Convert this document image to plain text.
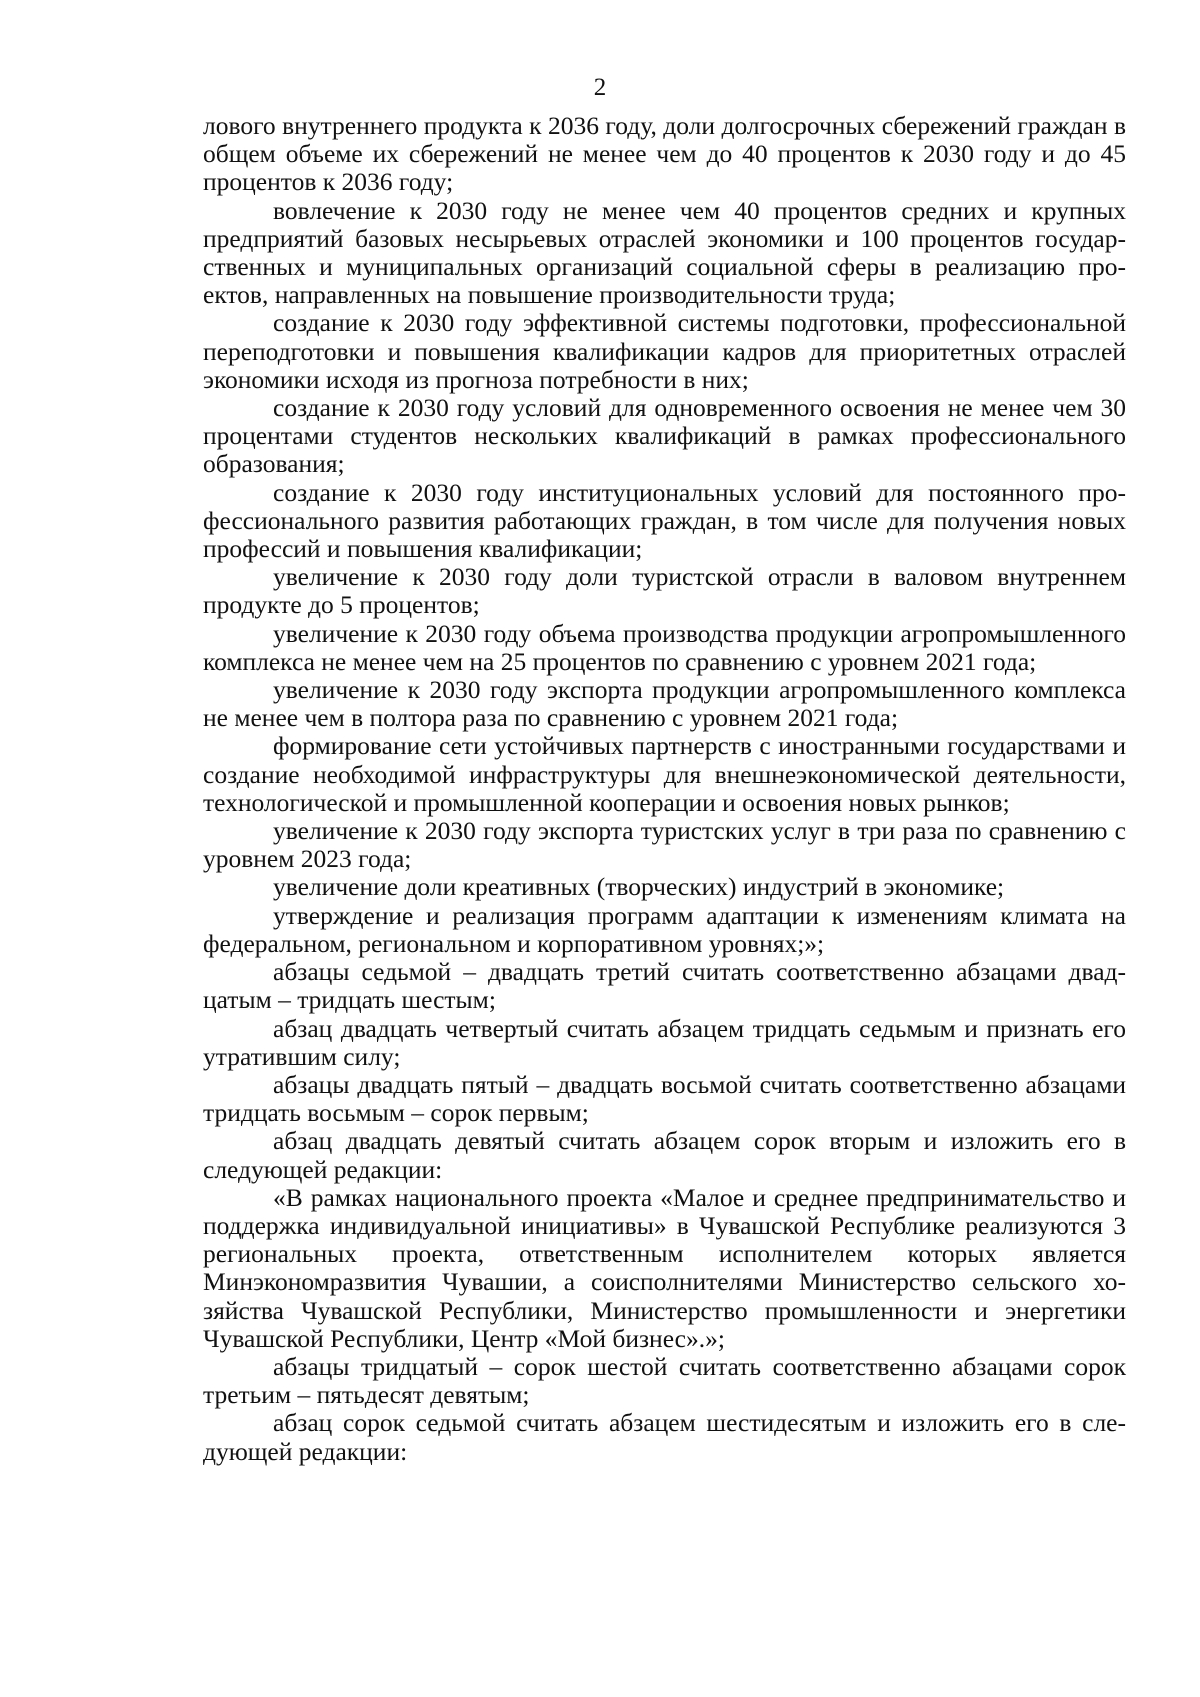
2

лового внутреннего продукта к 2036 году, доли долгосрочных сбережений граждан в общем объеме их сбережений не менее чем до 40 процентов к 2030 году и до 45 процентов к 2036 году;

вовлечение к 2030 году не менее чем 40 процентов средних и крупных предприятий базовых несырьевых отраслей экономики и 100 процентов государственных и муниципальных организаций социальной сферы в реализацию проектов, направленных на повышение производительности труда;

создание к 2030 году эффективной системы подготовки, профессиональной переподготовки и повышения квалификации кадров для приоритетных отраслей экономики исходя из прогноза потребности в них;

создание к 2030 году условий для одновременного освоения не менее чем 30 процентами студентов нескольких квалификаций в рамках профессионального образования;

создание к 2030 году институциональных условий для постоянного профессионального развития работающих граждан, в том числе для получения новых профессий и повышения квалификации;

увеличение к 2030 году доли туристской отрасли в валовом внутреннем продукте до 5 процентов;

увеличение к 2030 году объема производства продукции агропромышленного комплекса не менее чем на 25 процентов по сравнению с уровнем 2021 года;

увеличение к 2030 году экспорта продукции агропромышленного комплекса не менее чем в полтора раза по сравнению с уровнем 2021 года;

формирование сети устойчивых партнерств с иностранными государствами и создание необходимой инфраструктуры для внешнеэкономической деятельности, технологической и промышленной кооперации и освоения новых рынков;

увеличение к 2030 году экспорта туристских услуг в три раза по сравнению с уровнем 2023 года;

увеличение доли креативных (творческих) индустрий в экономике;

утверждение и реализация программ адаптации к изменениям климата на федеральном, региональном и корпоративном уровнях;»;

абзацы седьмой – двадцать третий считать соответственно абзацами двадцатым – тридцать шестым;

абзац двадцать четвертый считать абзацем тридцать седьмым и признать его утратившим силу;

абзацы двадцать пятый – двадцать восьмой считать соответственно абзацами тридцать восьмым – сорок первым;

абзац двадцать девятый считать абзацем сорок вторым и изложить его в следующей редакции:

«В рамках национального проекта «Малое и среднее предпринимательство и поддержка индивидуальной инициативы» в Чувашской Республике реализуются 3 региональных проекта, ответственным исполнителем которых является Минэкономразвития Чувашии, а соисполнителями Министерство сельского хозяйства Чувашской Республики, Министерство промышленности и энергетики Чувашской Республики, Центр «Мой бизнес».»;

абзацы тридцатый – сорок шестой считать соответственно абзацами сорок третьим – пятьдесят девятым;

абзац сорок седьмой считать абзацем шестидесятым и изложить его в следующей редакции:
